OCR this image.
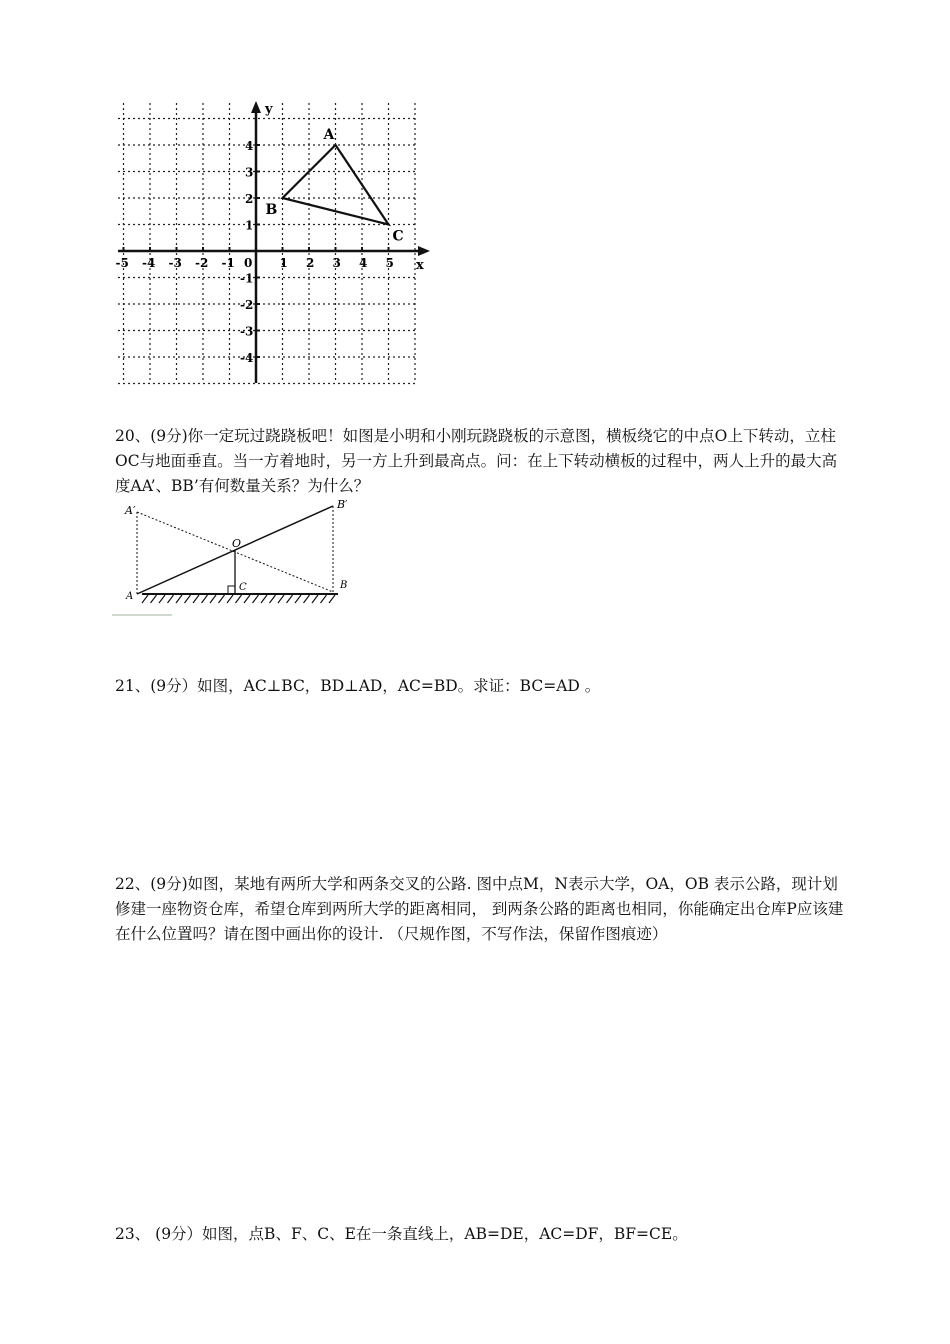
-5 -4 -3 -2 -1	1 2 3 4 5
-4
-3
-2
-1
1
2
3
4
0	x
y
A
B
C

20、(9分)你一定玩过跷跷板吧！如图是小明和小刚玩跷跷板的示意图，横板绕它的中点O上下转动，立柱OC与地面垂直。当一方着地时，另一方上升到最高点。问：在上下转动横板的过程中，两人上升的最大高度AA’、BB’有何数量关系？为什么？

A′	B′
O
C
A
B

21、(9分）如图，AC⊥BC，BD⊥AD，AC=BD。求证：BC=AD 。

22、(9分)如图，某地有两所大学和两条交叉的公路. 图中点M，N表示大学，OA，OB 表示公路，现计划修建一座物资仓库，希望仓库到两所大学的距离相同， 到两条公路的距离也相同，你能确定出仓库P应该建在什么位置吗？请在图中画出你的设计. （尺规作图，不写作法，保留作图痕迹）

23、 (9分）如图，点B、F、C、E在一条直线上，AB=DE，AC=DF，BF=CE。
